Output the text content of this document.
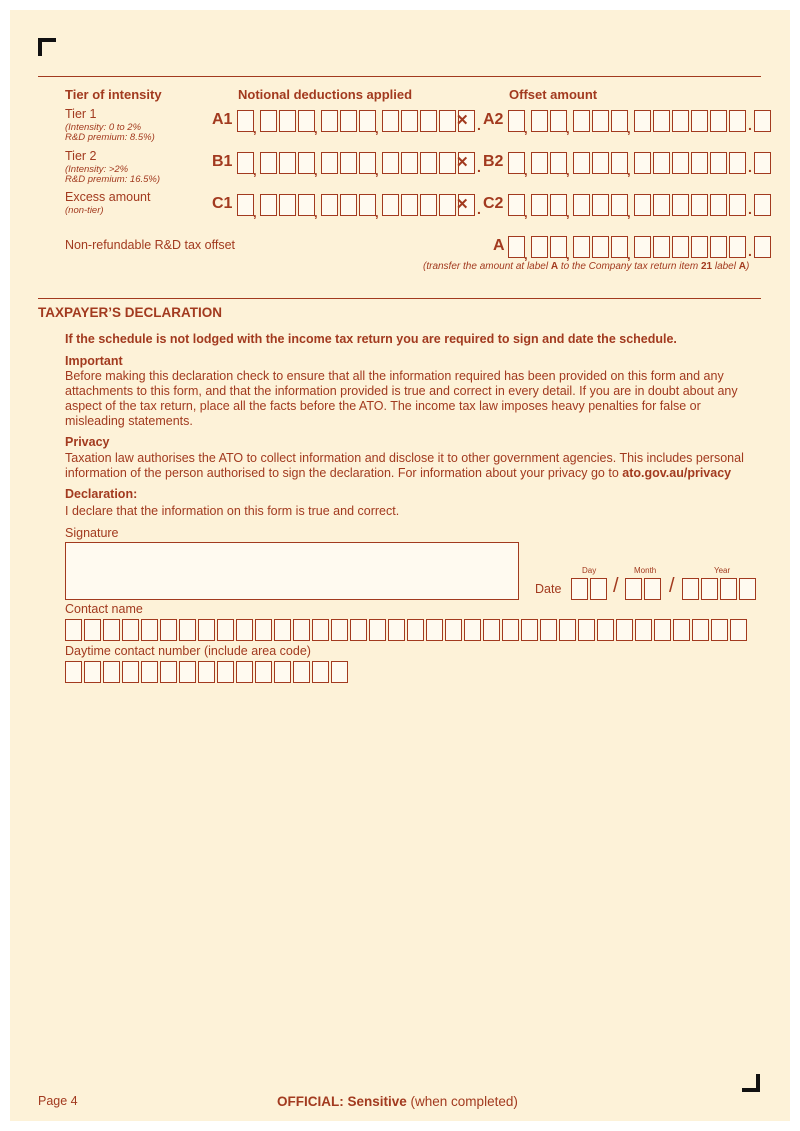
Tier of intensity	Notional deductions applied	Offset amount
Tier 1
(Intensity: 0 to 2%
R&D premium: 8.5%)
A1
,	,	,	.
✕ A2
,	,	,	.
Tier 2
(Intensity: >2%
R&D premium: 16.5%)
B1
,	,	,	.
✕ B2
,	,	,	.
Excess amount
(non-tier)	C1
,	,	,	.
✕ C2
,	,	,	.
Non-refundable R&D tax offset	A
,	,	,	.
(transfer the amount at label A to the Company tax return item 21 label A)
TAXPAYER’S DECLARATION
If the schedule is not lodged with the income tax return you are required to sign and date the schedule.
Important
Before making this declaration check to ensure that all the information required has been provided on this form and any attachments to this form, and that the information provided is true and correct in every detail. If you are in doubt about any aspect of the tax return, place all the facts before the ATO. The income tax law imposes heavy penalties for false or misleading statements.
Privacy
Taxation law authorises the ATO to collect information and disclose it to other government agencies. This includes personal information of the person authorised to sign the declaration. For information about your privacy go to ato.gov.au/privacy
Declaration:
I declare that the information on this form is true and correct.
Signature
Day	Month	Year
Date	/	/
Contact name
Daytime contact number (include area code)
Page 4	OFFICIAL: Sensitive (when completed)
